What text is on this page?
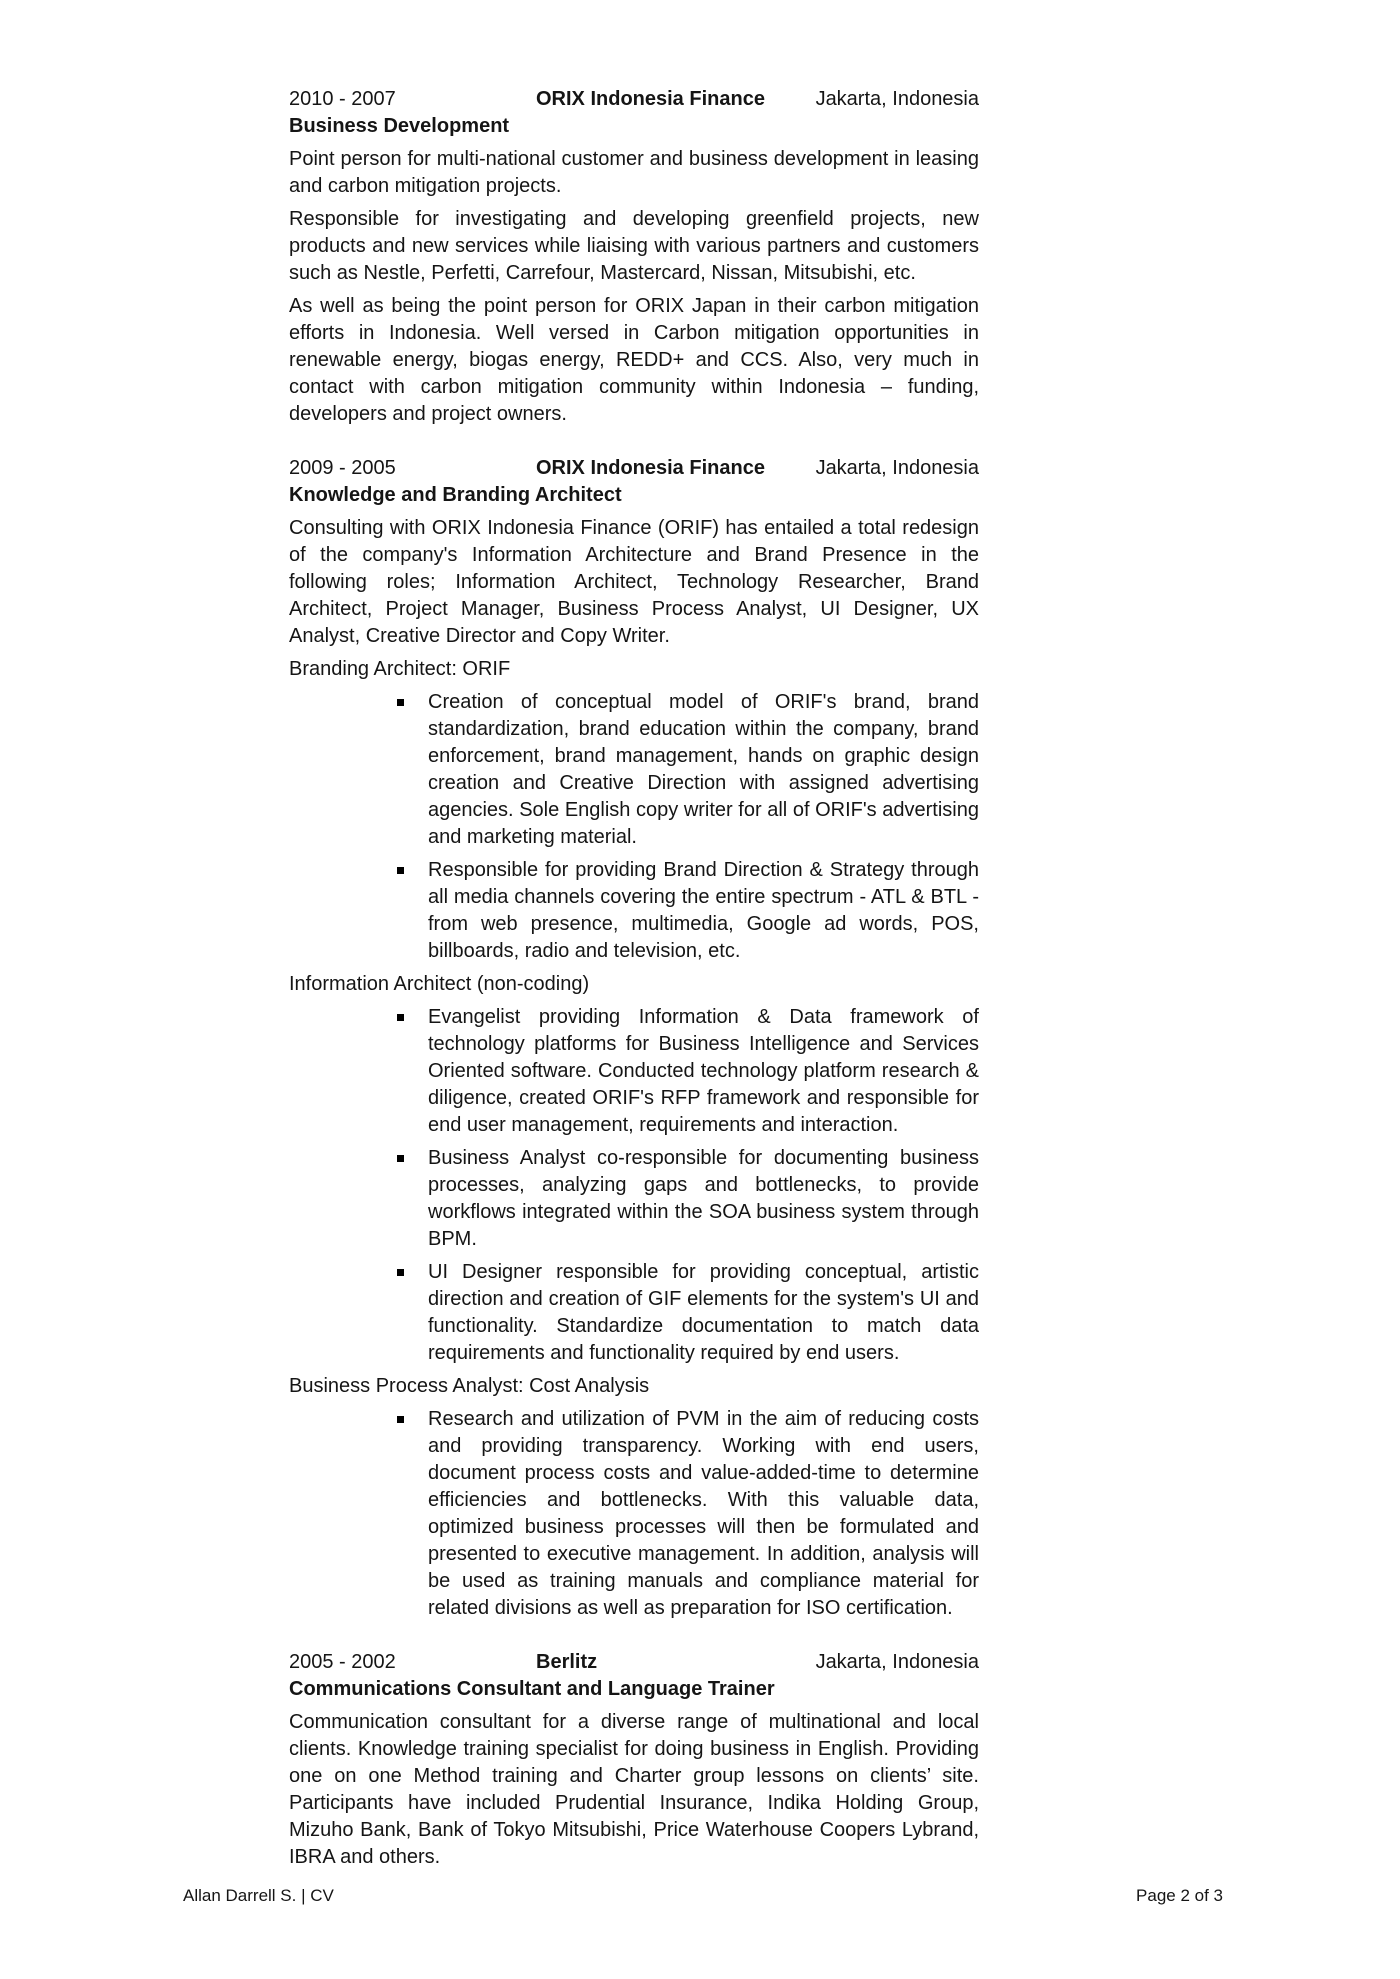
2010 - 2007	ORIX Indonesia Finance	Jakarta, Indonesia
Business Development

Point person for multi-national customer and business development in leasing and carbon mitigation projects.

Responsible for investigating and developing greenfield projects, new products and new services while liaising with various partners and customers such as Nestle, Perfetti, Carrefour, Mastercard, Nissan, Mitsubishi, etc.

As well as being the point person for ORIX Japan in their carbon mitigation efforts in Indonesia. Well versed in Carbon mitigation opportunities in renewable energy, biogas energy, REDD+ and CCS. Also, very much in contact with carbon mitigation community within Indonesia – funding, developers and project owners.

2009 - 2005	ORIX Indonesia Finance	Jakarta, Indonesia
Knowledge and Branding Architect

Consulting with ORIX Indonesia Finance (ORIF) has entailed a total redesign of the company's Information Architecture and Brand Presence in the following roles; Information Architect, Technology Researcher, Brand Architect, Project Manager, Business Process Analyst, UI Designer, UX Analyst, Creative Director and Copy Writer.

Branding Architect: ORIF
Creation of conceptual model of ORIF's brand, brand standardization, brand education within the company, brand enforcement, brand management, hands on graphic design creation and Creative Direction with assigned advertising agencies. Sole English copy writer for all of ORIF's advertising and marketing material.
Responsible for providing Brand Direction & Strategy through all media channels covering the entire spectrum - ATL & BTL - from web presence, multimedia, Google ad words, POS, billboards, radio and television, etc.
Information Architect (non-coding)
Evangelist providing Information & Data framework of technology platforms for Business Intelligence and Services Oriented software. Conducted technology platform research & diligence, created ORIF's RFP framework and responsible for end user management, requirements and interaction.
Business Analyst co-responsible for documenting business processes, analyzing gaps and bottlenecks, to provide workflows integrated within the SOA business system through BPM.
UI Designer responsible for providing conceptual, artistic direction and creation of GIF elements for the system's UI and functionality. Standardize documentation to match data requirements and functionality required by end users.
Business Process Analyst: Cost Analysis
Research and utilization of PVM in the aim of reducing costs and providing transparency. Working with end users, document process costs and value-added-time to determine efficiencies and bottlenecks. With this valuable data, optimized business processes will then be formulated and presented to executive management. In addition, analysis will be used as training manuals and compliance material for related divisions as well as preparation for ISO certification.
2005 - 2002	Berlitz	Jakarta, Indonesia
Communications Consultant and Language Trainer

Communication consultant for a diverse range of multinational and local clients. Knowledge training specialist for doing business in English. Providing one on one Method training and Charter group lessons on clients’ site. Participants have included Prudential Insurance, Indika Holding Group, Mizuho Bank, Bank of Tokyo Mitsubishi, Price Waterhouse Coopers Lybrand, IBRA and others.

Allan Darrell S. | CV	Page 2 of 3
